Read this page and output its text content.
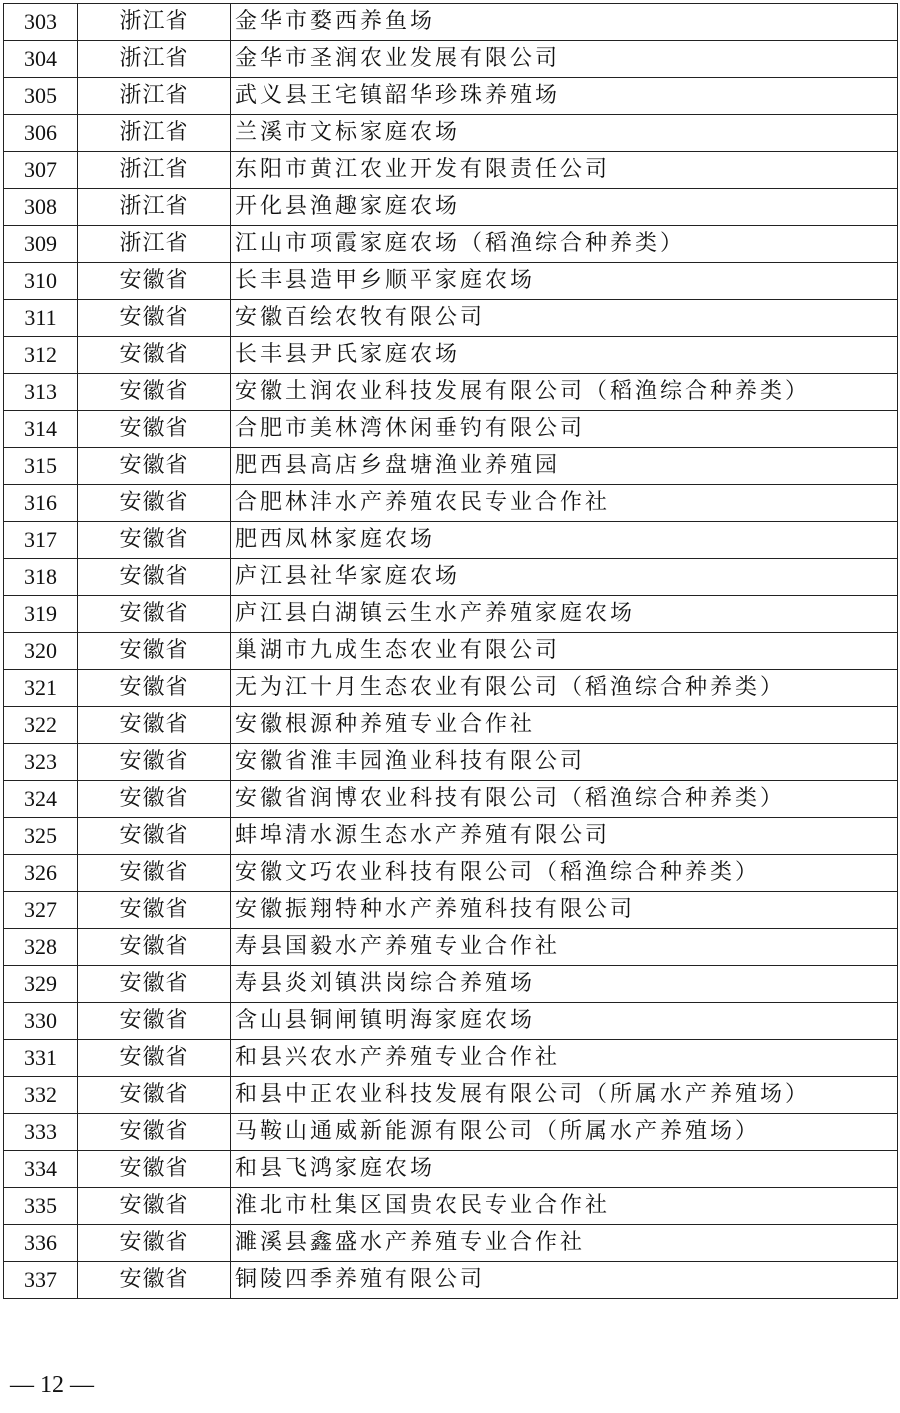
303	浙江省	金华市婺西养鱼场
304	浙江省	金华市圣润农业发展有限公司
305	浙江省	武义县王宅镇韶华珍珠养殖场
306	浙江省	兰溪市文标家庭农场
307	浙江省	东阳市黄江农业开发有限责任公司
308	浙江省	开化县渔趣家庭农场
309	浙江省	江山市项霞家庭农场（稻渔综合种养类）
310	安徽省	长丰县造甲乡顺平家庭农场
311	安徽省	安徽百绘农牧有限公司
312	安徽省	长丰县尹氏家庭农场
313	安徽省	安徽土润农业科技发展有限公司（稻渔综合种养类）
314	安徽省	合肥市美林湾休闲垂钓有限公司
315	安徽省	肥西县高店乡盘塘渔业养殖园
316	安徽省	合肥林沣水产养殖农民专业合作社
317	安徽省	肥西凤林家庭农场
318	安徽省	庐江县社华家庭农场
319	安徽省	庐江县白湖镇云生水产养殖家庭农场
320	安徽省	巢湖市九成生态农业有限公司
321	安徽省	无为江十月生态农业有限公司（稻渔综合种养类）
322	安徽省	安徽根源种养殖专业合作社
323	安徽省	安徽省淮丰园渔业科技有限公司
324	安徽省	安徽省润博农业科技有限公司（稻渔综合种养类）
325	安徽省	蚌埠清水源生态水产养殖有限公司
326	安徽省	安徽文巧农业科技有限公司（稻渔综合种养类）
327	安徽省	安徽振翔特种水产养殖科技有限公司
328	安徽省	寿县国毅水产养殖专业合作社
329	安徽省	寿县炎刘镇洪岗综合养殖场
330	安徽省	含山县铜闸镇明海家庭农场
331	安徽省	和县兴农水产养殖专业合作社
332	安徽省	和县中正农业科技发展有限公司（所属水产养殖场）
333	安徽省	马鞍山通威新能源有限公司（所属水产养殖场）
334	安徽省	和县飞鸿家庭农场
335	安徽省	淮北市杜集区国贵农民专业合作社
336	安徽省	濉溪县鑫盛水产养殖专业合作社
337	安徽省	铜陵四季养殖有限公司
— 12 —
